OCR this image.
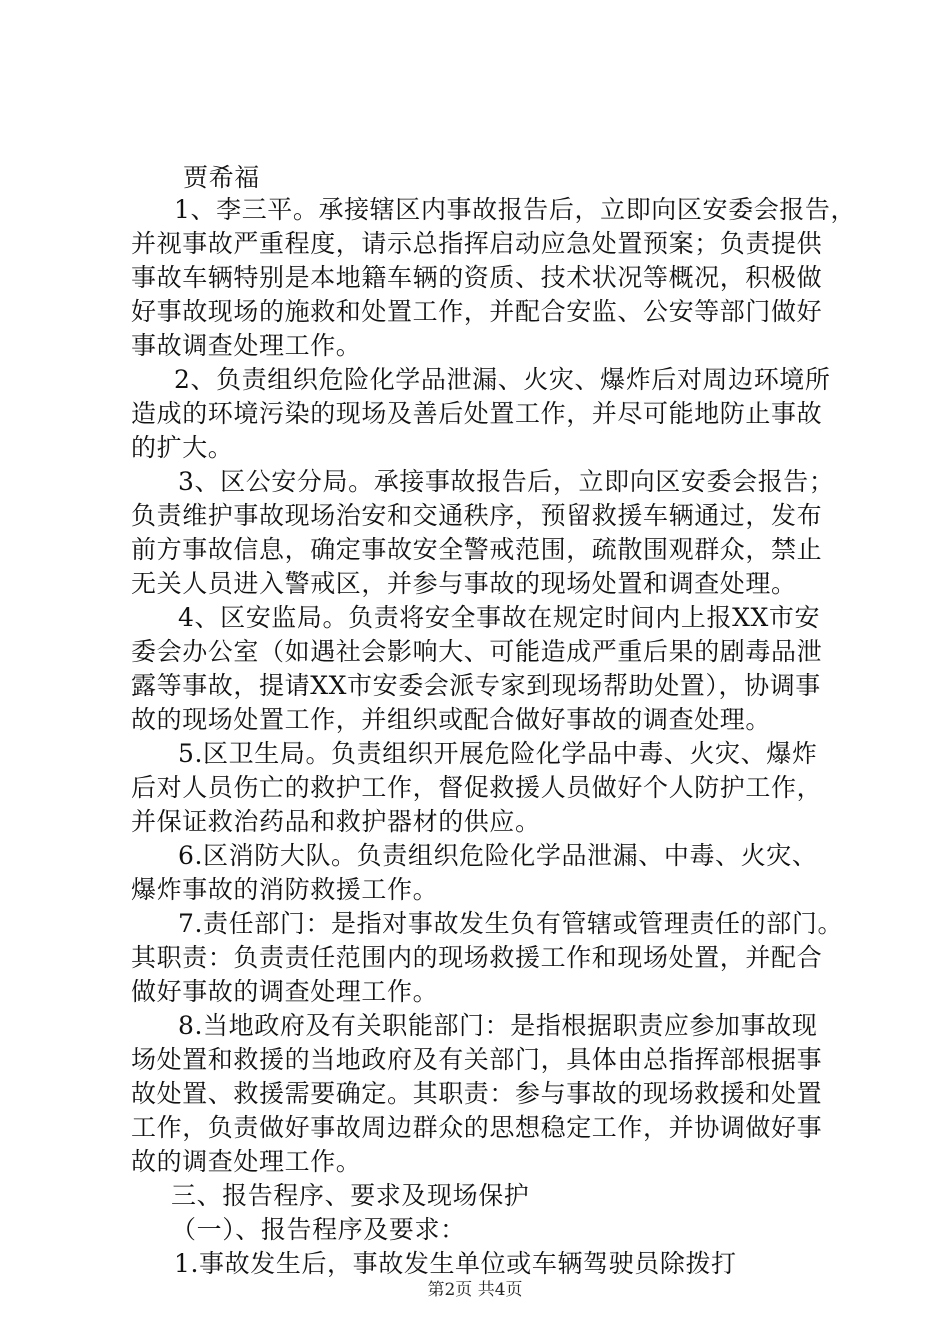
贾希福
1、李三平。承接辖区内事故报告后，立即向区安委会报告，
并视事故严重程度，请示总指挥启动应急处置预案；负责提供
事故车辆特别是本地籍车辆的资质、技术状况等概况，积极做
好事故现场的施救和处置工作，并配合安监、公安等部门做好
事故调查处理工作。
2、负责组织危险化学品泄漏、火灾、爆炸后对周边环境所
造成的环境污染的现场及善后处置工作，并尽可能地防止事故
的扩大。
3、区公安分局。承接事故报告后，立即向区安委会报告；
负责维护事故现场治安和交通秩序，预留救援车辆通过，发布
前方事故信息，确定事故安全警戒范围，疏散围观群众，禁止
无关人员进入警戒区，并参与事故的现场处置和调查处理。
4、区安监局。负责将安全事故在规定时间内上报XX市安
委会办公室（如遇社会影响大、可能造成严重后果的剧毒品泄
露等事故，提请XX市安委会派专家到现场帮助处置），协调事
故的现场处置工作，并组织或配合做好事故的调查处理。
5.区卫生局。负责组织开展危险化学品中毒、火灾、爆炸
后对人员伤亡的救护工作，督促救援人员做好个人防护工作，
并保证救治药品和救护器材的供应。
6.区消防大队。负责组织危险化学品泄漏、中毒、火灾、
爆炸事故的消防救援工作。
7.责任部门：是指对事故发生负有管辖或管理责任的部门。
其职责：负责责任范围内的现场救援工作和现场处置，并配合
做好事故的调查处理工作。
8.当地政府及有关职能部门：是指根据职责应参加事故现
场处置和救援的当地政府及有关部门，具体由总指挥部根据事
故处置、救援需要确定。其职责：参与事故的现场救援和处置
工作，负责做好事故周边群众的思想稳定工作，并协调做好事
故的调查处理工作。
三、报告程序、要求及现场保护
（一）、报告程序及要求：
1.事故发生后，事故发生单位或车辆驾驶员除拨打
第2页 共4页
